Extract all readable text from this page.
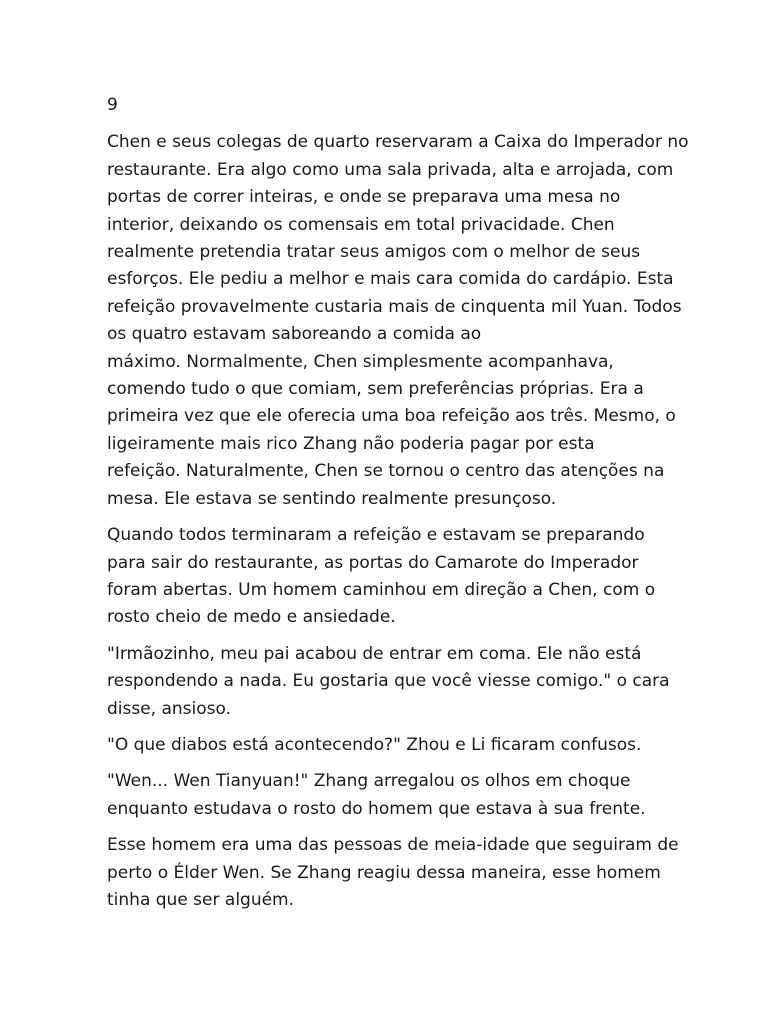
9

Chen e seus colegas de quarto reservaram a Caixa do Imperador no
restaurante. Era algo como uma sala privada, alta e arrojada, com
portas de correr inteiras, e onde se preparava uma mesa no
interior, deixando os comensais em total privacidade. Chen
realmente pretendia tratar seus amigos com o melhor de seus
esforços. Ele pediu a melhor e mais cara comida do cardápio. Esta
refeição provavelmente custaria mais de cinquenta mil Yuan. Todos
os quatro estavam saboreando a comida ao
máximo. Normalmente, Chen simplesmente acompanhava,
comendo tudo o que comiam, sem preferências próprias. Era a
primeira vez que ele oferecia uma boa refeição aos três. Mesmo, o
ligeiramente mais rico Zhang não poderia pagar por esta
refeição. Naturalmente, Chen se tornou o centro das atenções na
mesa. Ele estava se sentindo realmente presunçoso.

Quando todos terminaram a refeição e estavam se preparando
para sair do restaurante, as portas do Camarote do Imperador
foram abertas. Um homem caminhou em direção a Chen, com o
rosto cheio de medo e ansiedade.

"Irmãozinho, meu pai acabou de entrar em coma. Ele não está
respondendo a nada. Eu gostaria que você viesse comigo." o cara
disse, ansioso.

"O que diabos está acontecendo?" Zhou e Li ficaram confusos.

"Wen... Wen Tianyuan!" Zhang arregalou os olhos em choque
enquanto estudava o rosto do homem que estava à sua frente.

Esse homem era uma das pessoas de meia-idade que seguiram de
perto o Élder Wen. Se Zhang reagiu dessa maneira, esse homem
tinha que ser alguém.
